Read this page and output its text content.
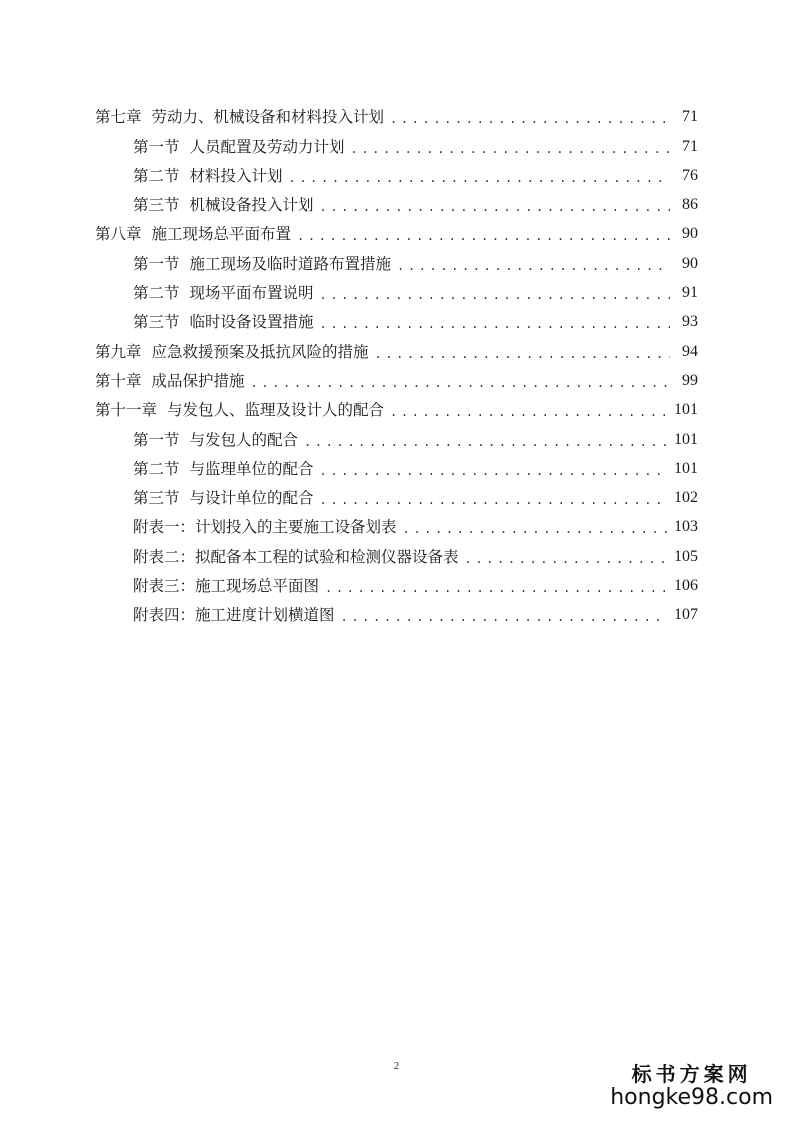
第七章 劳动力、机械设备和材料投入计划 .....	71
第一节 人员配置及劳动力计划 .....	71
第二节 材料投入计划 .....	76
第三节 机械设备投入计划 .....	86
第八章 施工现场总平面布置 .....	90
第一节 施工现场及临时道路布置措施 .....	90
第二节 现场平面布置说明 .....	91
第三节 临时设备设置措施 .....	93
第九章 应急救援预案及抵抗风险的措施 .....	94
第十章 成品保护措施 .....	99
第十一章 与发包人、监理及设计人的配合 .....	101
第一节 与发包人的配合 .....	101
第二节 与监理单位的配合 .....	101
第三节 与设计单位的配合 .....	102
附表一：计划投入的主要施工设备划表 .....	103
附表二：拟配备本工程的试验和检测仪器设备表 .....	105
附表三：施工现场总平面图 .....	106
附表四：施工进度计划横道图 .....	107
2	标书方案网
hongke98.com
